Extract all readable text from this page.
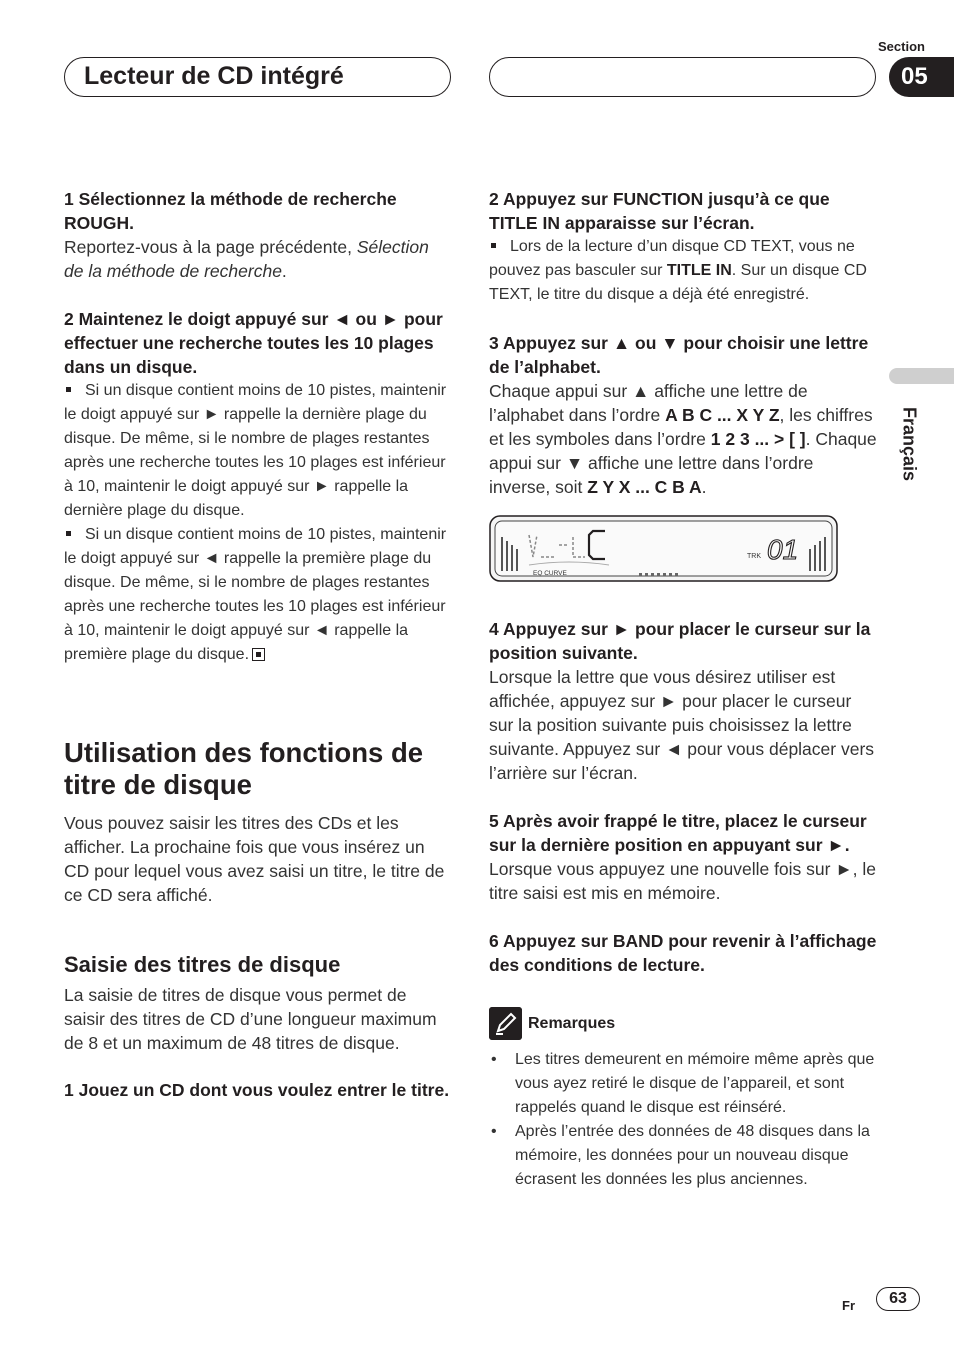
Lecteur de CD intégré
Section
05
Français

1 Sélectionnez la méthode de recherche ROUGH.

Reportez-vous à la page précédente, Sélection de la méthode de recherche.

2 Maintenez le doigt appuyé sur ◄ ou ► pour effectuer une recherche toutes les 10 plages dans un disque.

Si un disque contient moins de 10 pistes, maintenir le doigt appuyé sur ► rappelle la dernière plage du disque. De même, si le nombre de plages restantes après une recherche toutes les 10 plages est inférieur à 10, maintenir le doigt appuyé sur ► rappelle la dernière plage du disque.

Si un disque contient moins de 10 pistes, maintenir le doigt appuyé sur ◄ rappelle la première plage du disque. De même, si le nombre de plages restantes après une recherche toutes les 10 plages est inférieur à 10, maintenir le doigt appuyé sur ◄ rappelle la première plage du disque.

Utilisation des fonctions de titre de disque

Vous pouvez saisir les titres des CDs et les afficher. La prochaine fois que vous insérez un CD pour lequel vous avez saisi un titre, le titre de ce CD sera affiché.

Saisie des titres de disque

La saisie de titres de disque vous permet de saisir des titres de CD d’une longueur maximum de 8 et un maximum de 48 titres de disque.

1 Jouez un CD dont vous voulez entrer le titre.

2 Appuyez sur FUNCTION jusqu’à ce que TITLE IN apparaisse sur l’écran.

Lors de la lecture d’un disque CD TEXT, vous ne pouvez pas basculer sur TITLE IN. Sur un disque CD TEXT, le titre du disque a déjà été enregistré.

3 Appuyez sur ▲ ou ▼ pour choisir une lettre de l’alphabet.

Chaque appui sur ▲ affiche une lettre de l’alphabet dans l’ordre A B C ... X Y Z, les chiffres et les symboles dans l’ordre 1 2 3 ... > [ ]. Chaque appui sur ▼ affiche une lettre dans l’ordre inverse, soit Z Y X ... C B A.

EQ CURVE
TRK 01

4 Appuyez sur ► pour placer le curseur sur la position suivante.

Lorsque la lettre que vous désirez utiliser est affichée, appuyez sur ► pour placer le curseur sur la position suivante puis choisissez la lettre suivante. Appuyez sur ◄ pour vous déplacer vers l’arrière sur l’écran.

5 Après avoir frappé le titre, placez le curseur sur la dernière position en appuyant sur ►.

Lorsque vous appuyez une nouvelle fois sur ►, le titre saisi est mis en mémoire.

6 Appuyez sur BAND pour revenir à l’affichage des conditions de lecture.

Remarques
• Les titres demeurent en mémoire même après que vous ayez retiré le disque de l’appareil, et sont rappelés quand le disque est réinséré.
• Après l’entrée des données de 48 disques dans la mémoire, les données pour un nouveau disque écrasent les données les plus anciennes.
Fr	63
